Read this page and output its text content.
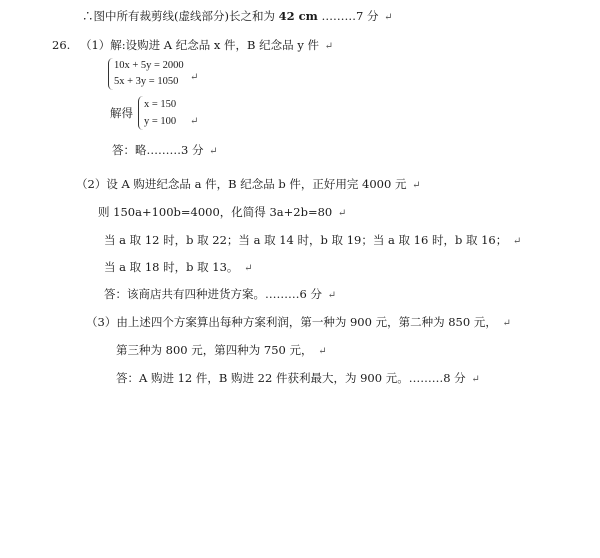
∴图中所有裁剪线(虚线部分)长之和为 42 cm ………7 分 ↵
26. （1）解:设购进 A 纪念品 x 件，B 纪念品 y 件 ↵
10x + 5y = 2000
5x + 3y = 1050 ↵
解得
x = 150
y = 100 ↵
答：略………3 分 ↵
（2）设 A 购进纪念品 a 件，B 纪念品 b 件，正好用完 4000 元 ↵
则 150a+100b=4000，化简得 3a+2b=80 ↵
当 a 取 12 时，b 取 22；当 a 取 14 时，b 取 19；当 a 取 16 时，b 取 16； ↵
当 a 取 18 时，b 取 13。 ↵
答：该商店共有四种进货方案。………6 分 ↵
（3）由上述四个方案算出每种方案利润，第一种为 900 元，第二种为 850 元， ↵
第三种为 800 元，第四种为 750 元， ↵
答：A 购进 12 件，B 购进 22 件获利最大，为 900 元。………8 分 ↵
